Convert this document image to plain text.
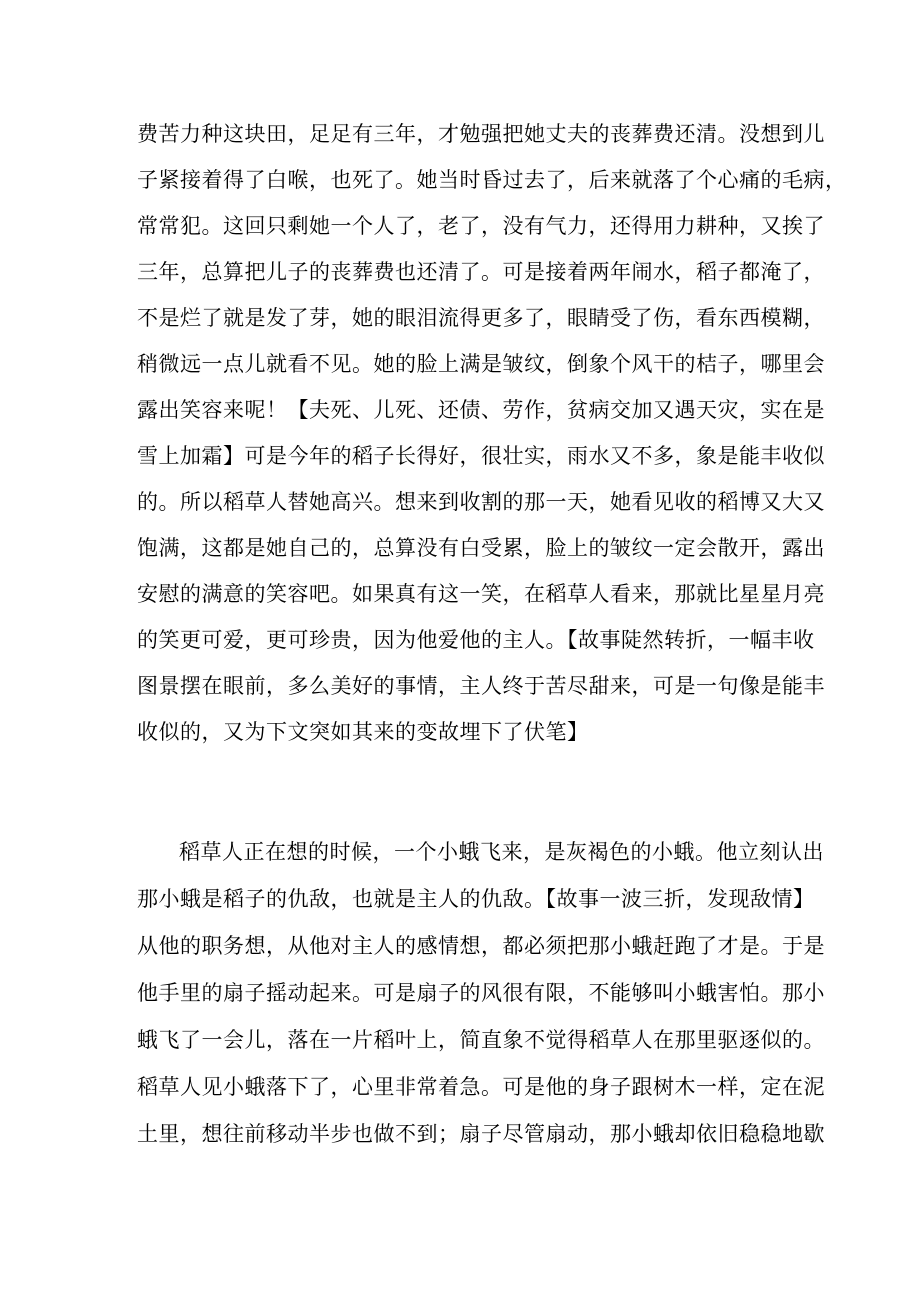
费苦力种这块田，足足有三年，才勉强把她丈夫的丧葬费还清。没想到儿
子紧接着得了白喉，也死了。她当时昏过去了，后来就落了个心痛的毛病，
常常犯。这回只剩她一个人了，老了，没有气力，还得用力耕种，又挨了
三年，总算把儿子的丧葬费也还清了。可是接着两年闹水，稻子都淹了，
不是烂了就是发了芽，她的眼泪流得更多了，眼睛受了伤，看东西模糊，
稍微远一点儿就看不见。她的脸上满是皱纹，倒象个风干的桔子，哪里会
露出笑容来呢！【夫死、儿死、还债、劳作，贫病交加又遇天灾，实在是
雪上加霜】可是今年的稻子长得好，很壮实，雨水又不多，象是能丰收似
的。所以稻草人替她高兴。想来到收割的那一天，她看见收的稻博又大又
饱满，这都是她自己的，总算没有白受累，脸上的皱纹一定会散开，露出
安慰的满意的笑容吧。如果真有这一笑，在稻草人看来，那就比星星月亮
的笑更可爱，更可珍贵，因为他爱他的主人。【故事陡然转折，一幅丰收
图景摆在眼前，多么美好的事情，主人终于苦尽甜来，可是一句像是能丰
收似的，又为下文突如其来的变故埋下了伏笔】
稻草人正在想的时候，一个小蛾飞来，是灰褐色的小蛾。他立刻认出
那小蛾是稻子的仇敌，也就是主人的仇敌。【故事一波三折，发现敌情】
从他的职务想，从他对主人的感情想，都必须把那小蛾赶跑了才是。于是
他手里的扇子摇动起来。可是扇子的风很有限，不能够叫小蛾害怕。那小
蛾飞了一会儿，落在一片稻叶上，简直象不觉得稻草人在那里驱逐似的。
稻草人见小蛾落下了，心里非常着急。可是他的身子跟树木一样，定在泥
土里，想往前移动半步也做不到；扇子尽管扇动，那小蛾却依旧稳稳地歇
